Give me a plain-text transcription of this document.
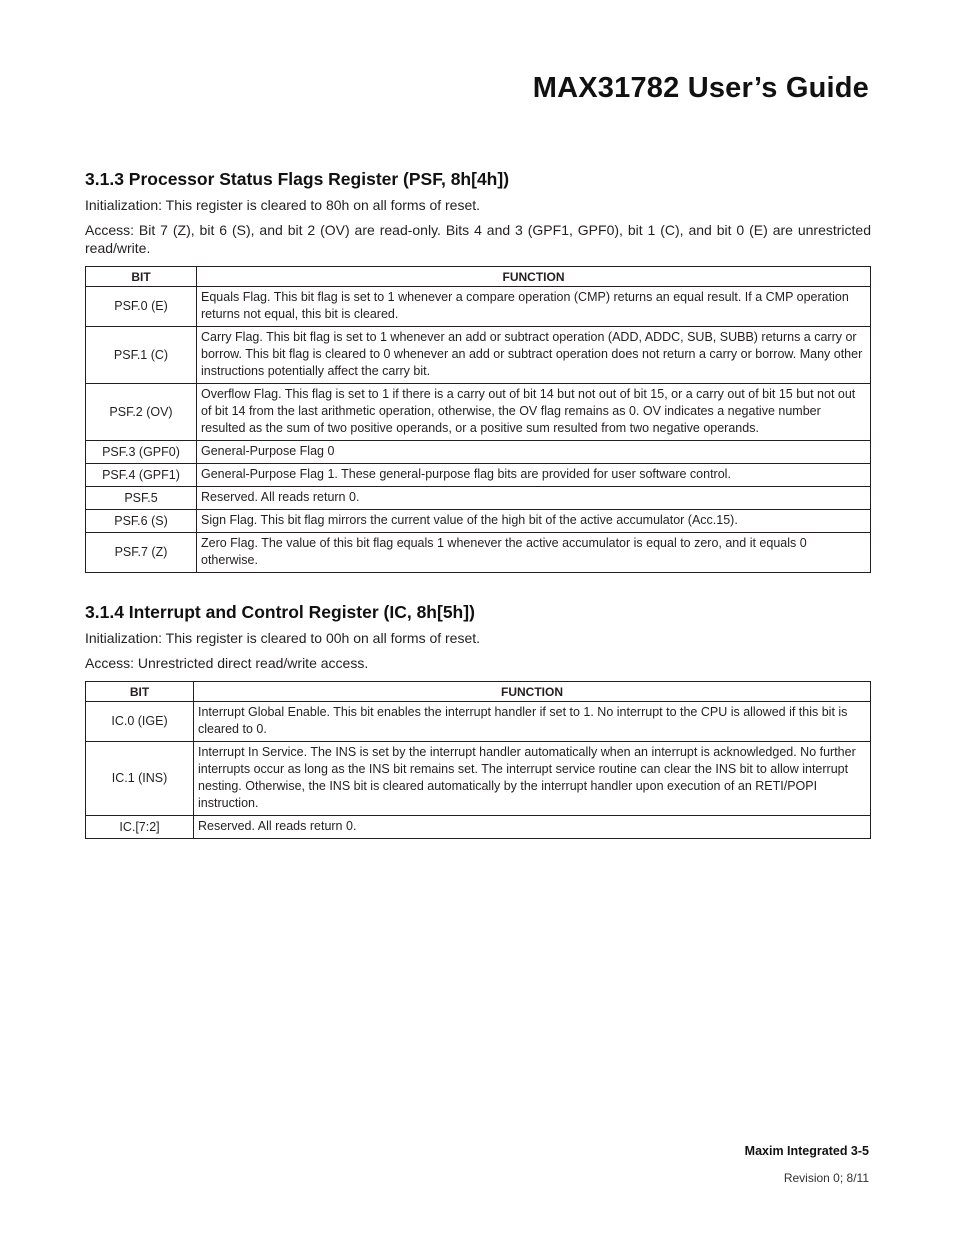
MAX31782 User’s Guide
3.1.3 Processor Status Flags Register (PSF, 8h[4h])

Initialization: This register is cleared to 80h on all forms of reset.

Access: Bit 7 (Z), bit 6 (S), and bit 2 (OV) are read-only. Bits 4 and 3 (GPF1, GPF0), bit 1 (C), and bit 0 (E) are unrestricted read/write.

BIT	FUNCTION
PSF.0 (E)	Equals Flag. This bit flag is set to 1 whenever a compare operation (CMP) returns an equal result. If a CMP operation returns not equal, this bit is cleared.
PSF.1 (C)	Carry Flag. This bit flag is set to 1 whenever an add or subtract operation (ADD, ADDC, SUB, SUBB) returns a carry or borrow. This bit flag is cleared to 0 whenever an add or subtract operation does not return a carry or borrow. Many other instructions potentially affect the carry bit.
PSF.2 (OV)	Overflow Flag. This flag is set to 1 if there is a carry out of bit 14 but not out of bit 15, or a carry out of bit 15 but not out of bit 14 from the last arithmetic operation, otherwise, the OV flag remains as 0. OV indicates a negative number resulted as the sum of two positive operands, or a positive sum resulted from two negative operands.
PSF.3 (GPF0)	General-Purpose Flag 0
PSF.4 (GPF1)	General-Purpose Flag 1. These general-purpose flag bits are provided for user software control.
PSF.5	Reserved. All reads return 0.
PSF.6 (S)	Sign Flag. This bit flag mirrors the current value of the high bit of the active accumulator (Acc.15).
PSF.7 (Z)	Zero Flag. The value of this bit flag equals 1 whenever the active accumulator is equal to zero, and it equals 0 otherwise.
3.1.4 Interrupt and Control Register (IC, 8h[5h])

Initialization: This register is cleared to 00h on all forms of reset.

Access: Unrestricted direct read/write access.

BIT	FUNCTION
IC.0 (IGE)	Interrupt Global Enable. This bit enables the interrupt handler if set to 1. No interrupt to the CPU is allowed if this bit is cleared to 0.
IC.1 (INS)	Interrupt In Service. The INS is set by the interrupt handler automatically when an interrupt is acknowledged. No further interrupts occur as long as the INS bit remains set. The interrupt service routine can clear the INS bit to allow interrupt nesting. Otherwise, the INS bit is cleared automatically by the interrupt handler upon execution of an RETI/POPI instruction.
IC.[7:2]	Reserved. All reads return 0.
Maxim Integrated 3-5
Revision 0; 8/11
